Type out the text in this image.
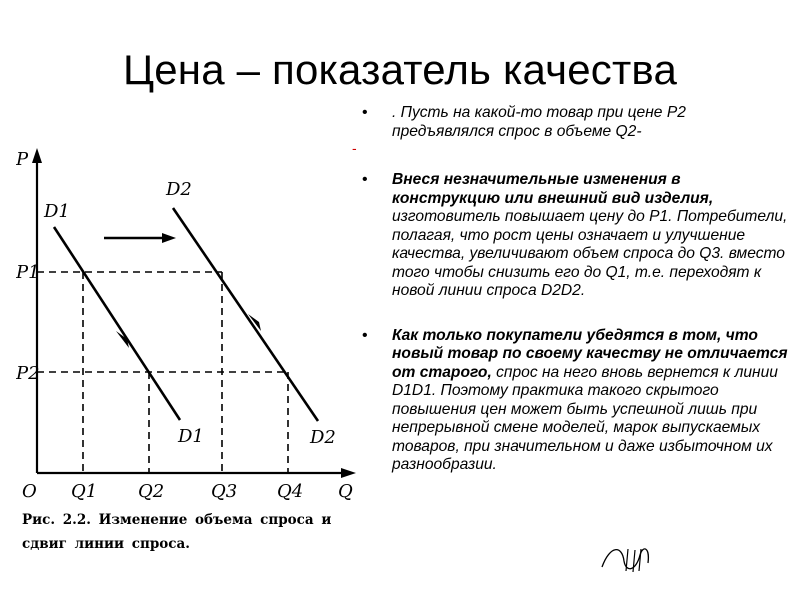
Цена – показатель качества
P
Q
O
P1
P2
Q1 Q2	Q3 Q4
D1
D1
D2
D2
Рис. 2.2. Изменение объема спроса и
сдвиг линии спроса.
• . Пусть на какой-то товар при цене P2 предъявлялся спрос в объеме Q2-
-
• Внеся незначительные изменения в конструкцию или внешний вид изделия, изготовитель повышает цену до P1. Потребители, полагая, что рост цены означает и улучшение качества, увеличивают объем спроса до Q3. вместо того чтобы снизить его до Q1, т.е. переходят к новой линии спроса D2D2.
• Как только покупатели убедятся в том, что новый товар по своему качеству не отличается от старого, спрос на него вновь вернется к линии D1D1. Поэтому практика такого скрытого повышения цен может быть успешной лишь при непрерывной смене моделей, марок выпускаемых товаров, при значительном и даже избыточном их разнообразии.
